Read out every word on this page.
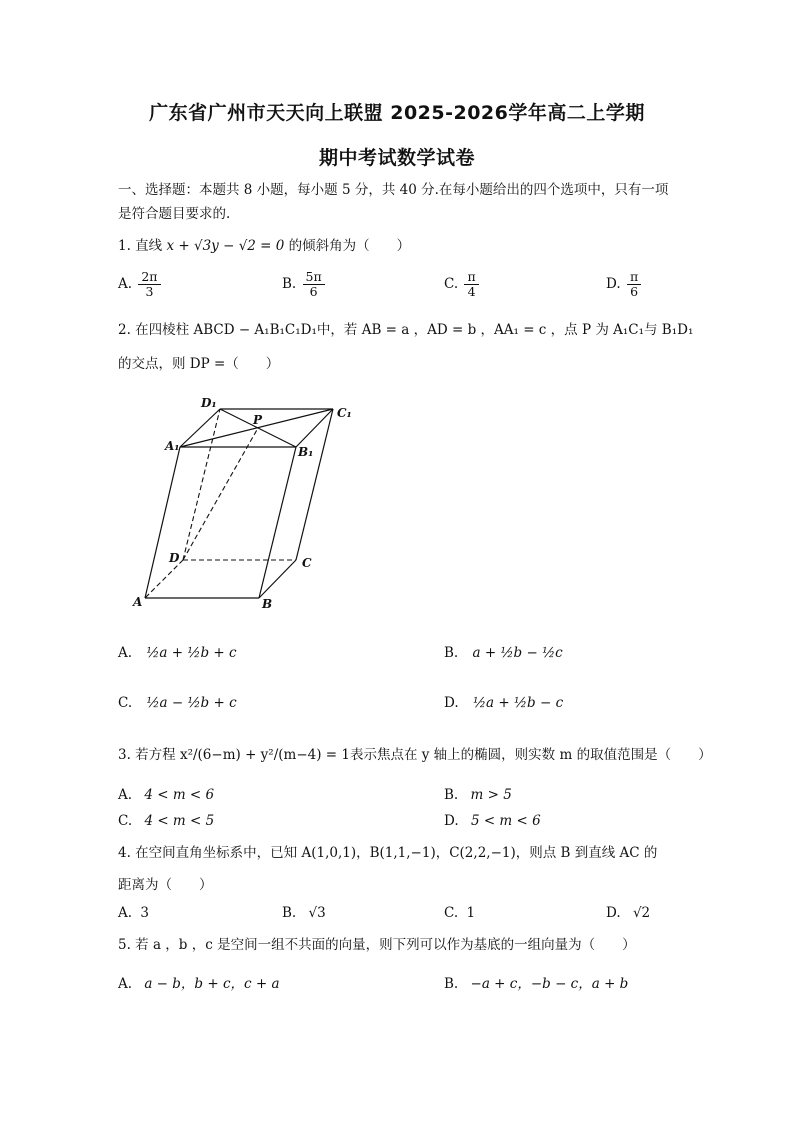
广东省广州市天天向上联盟 2025-2026学年高二上学期
期中考试数学试卷
一、选择题：本题共 8 小题，每小题 5 分，共 40 分.在每小题给出的四个选项中，只有一项
是符合题目要求的.
1. 直线 x + √3y − √2 = 0 的倾斜角为（　　）
A. $\frac{2\pi}{3}$	B. $\frac{5\pi}{6}$	C. $\frac{\pi}{4}$	D. $\frac{\pi}{6}$
2. 在四棱柱 ABCD − A₁B₁C₁D₁中，若 AB = a ，AD = b ，AA₁ = c ，点 P 为 A₁C₁与 B₁D₁
的交点，则 DP =（　　）
D₁
C₁
P
A₁	B₁
D	C
A	B
A. ½a + ½b + c	B. a + ½b − ½c
C. ½a − ½b + c	D. ½a + ½b − c
3. 若方程 x²/(6−m) + y²/(m−4) = 1表示焦点在 y 轴上的椭圆，则实数 m 的取值范围是（　　）
A. 4 < m < 6	B. m > 5
C. 4 < m < 5	D. 5 < m < 6
4. 在空间直角坐标系中，已知 A(1,0,1)，B(1,1,−1)，C(2,2,−1)，则点 B 到直线 AC 的
距离为（　　）
A. 3	B. √3	C. 1	D. √2
5. 若 a ，b ，c 是空间一组不共面的向量，则下列可以作为基底的一组向量为（　　）
A. a − b，b + c，c + a	B. −a + c，−b − c，a + b
